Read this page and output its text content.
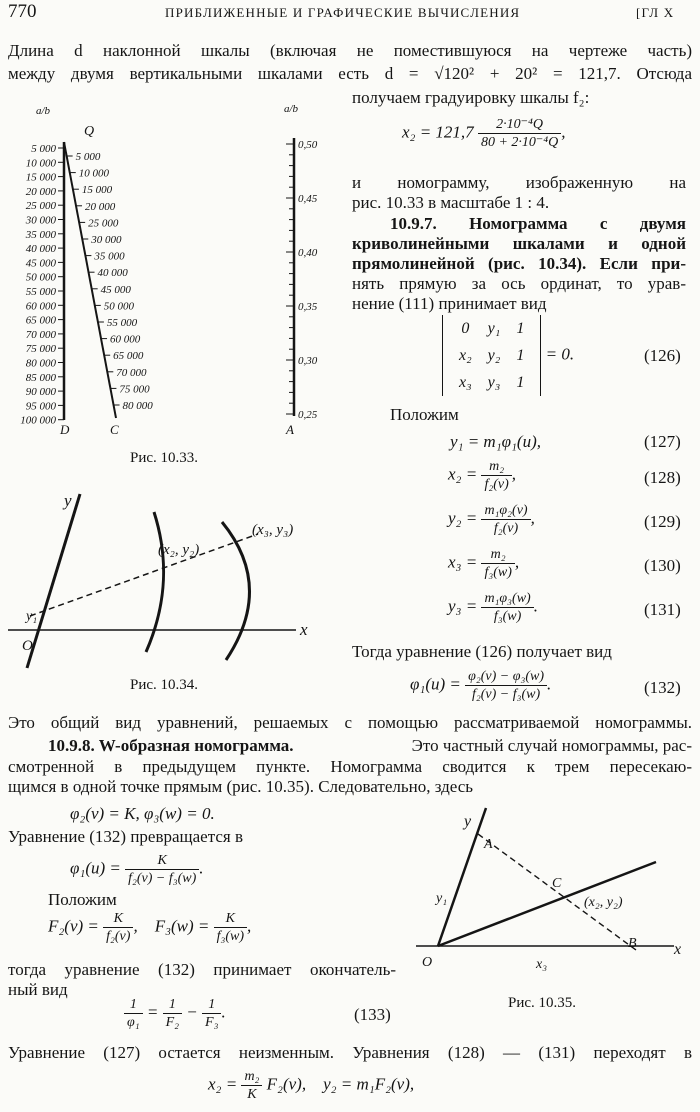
770	ПРИБЛИЖЕННЫЕ И ГРАФИЧЕСКИЕ ВЫЧИСЛЕНИЯ	[ГЛ X
Длина d наклонной шкалы (включая не поместившуюся на чертеже часть)
между двумя вертикальными шкалами есть d = √120² + 20² = 121,7. Отсюда
получаем градуировку шкалы f₂:
$x_2 = 121,7 \frac{\text{2·10⁻⁴Q}}{\text{80 + 2·10⁻⁴Q}}$ ,
и номограмму, изображенную на
рис. 10.33 в масштабе 1 : 4.
10.9.7. Номограмма с двумя
криволинейными шкалами и одной
прямолинейной (рис. 10.34). Если при-
нять прямую за ось ординат, то урав-
нение (111) принимает вид
0	y₁	1
x₂	y₂	1
x₃	y₃	1
= 0.	(126)
Положим
y₁ = m₁φ₁(u),	(127)
$x_2 = \frac{\text{m₂}}{\text{f₂(v)}}$ ,	(128)
$y_2 = \frac{\text{m₁φ₂(v)}}{\text{f₂(v)}}$ ,	(129)
$x_3 = \frac{\text{m₂}}{\text{f₃(w)}}$ ,	(130)
$y_3 = \frac{\text{m₁φ₃(w)}}{\text{f₃(w)}}$ .	(131)
Тогда уравнение (126) получает вид
$\varphi_1(u) = \frac{\text{φ₂(v) − φ₃(w)}}{\text{f₂(v) − f₃(w)}}$ .	(132)
Это общий вид уравнений, решаемых с помощью рассматриваемой номограммы.
10.9.8. W-образная номограмма.	Это частный случай номограммы, рас-
смотренной в предыдущем пункте. Номограмма сводится к трем пересекаю-
щимся в одной точке прямым (рис. 10.35). Следовательно, здесь
φ₂(v) = K, φ₃(w) = 0.
Уравнение (132) превращается в
$\varphi_1(u) = \frac{K}{\text{f₂(v) − f₃(w)}}$ .
Положим
$F_2(v) = \frac{K}{\text{f₂(v)}}$ ,    $F_3(w) = \frac{K}{\text{f₃(w)}}$ ,
тогда уравнение (132) принимает окончатель-
ный вид
$\frac{1}{\text{φ₁}} = \frac{1}{\text{F₂}} - \frac{1}{\text{F₃}}$ .	(133)
Уравнение (127) остается неизменным. Уравнения (128) — (131) переходят в
$x_2 = \frac{\text{m₂}}{K} F_2(v)$, y₂ = m₁F₂(v),
5 000
10 000
15 000
20 000
25 000
30 000
35 000
40 000
45 000
50 000
55 000
60 000
65 000
70 000
75 000
80 000
85 000
90 000
95 000
100 000
5 000
10 000
15 000
20 000
25 000
30 000
35 000
40 000
45 000
50 000
55 000
60 000
65 000
70 000
75 000
80 000
0,50
0,45
0,40
0,35
0,30
0,25
a/b
Q
a/b
D	C	A
Рис. 10.33.
y
x
y₁
O
(x₂, y₂)
(x₃, y₃)
Рис. 10.34.
y
x
A
B
C
O
y₁
x₃
(x₂, y₂)
Рис. 10.35.
